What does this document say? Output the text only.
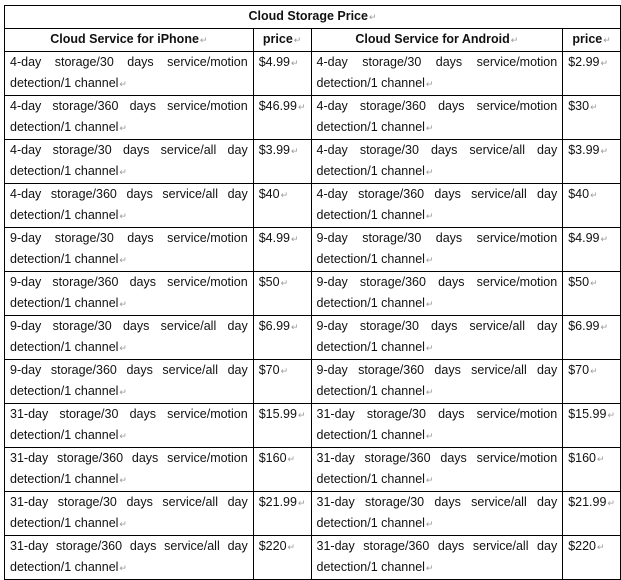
Cloud Storage Price ↵
Cloud Service for iPhone ↵	price ↵	Cloud Service for Android ↵	price ↵
4-day storage/30 days service/motion detection/1 channel ↵	$4.99 ↵	4-day storage/30 days service/motion detection/1 channel ↵	$2.99 ↵
4-day storage/360 days service/motion detection/1 channel ↵	$46.99 ↵	4-day storage/360 days service/motion detection/1 channel ↵	$30 ↵
4-day storage/30 days service/all day detection/1 channel ↵	$3.99 ↵	4-day storage/30 days service/all day detection/1 channel ↵	$3.99 ↵
4-day storage/360 days service/all day detection/1 channel ↵	$40 ↵	4-day storage/360 days service/all day detection/1 channel ↵	$40 ↵
9-day storage/30 days service/motion detection/1 channel ↵	$4.99 ↵	9-day storage/30 days service/motion detection/1 channel ↵	$4.99 ↵
9-day storage/360 days service/motion detection/1 channel ↵	$50 ↵	9-day storage/360 days service/motion detection/1 channel ↵	$50 ↵
9-day storage/30 days service/all day detection/1 channel ↵	$6.99 ↵	9-day storage/30 days service/all day detection/1 channel ↵	$6.99 ↵
9-day storage/360 days service/all day detection/1 channel ↵	$70 ↵	9-day storage/360 days service/all day detection/1 channel ↵	$70 ↵
31-day storage/30 days service/motion detection/1 channel ↵	$15.99 ↵	31-day storage/30 days service/motion detection/1 channel ↵	$15.99 ↵
31-day storage/360 days service/motion detection/1 channel ↵	$160 ↵	31-day storage/360 days service/motion detection/1 channel ↵	$160 ↵
31-day storage/30 days service/all day detection/1 channel ↵	$21.99 ↵	31-day storage/30 days service/all day detection/1 channel ↵	$21.99 ↵
31-day storage/360 days service/all day detection/1 channel ↵	$220 ↵	31-day storage/360 days service/all day detection/1 channel ↵	$220 ↵
